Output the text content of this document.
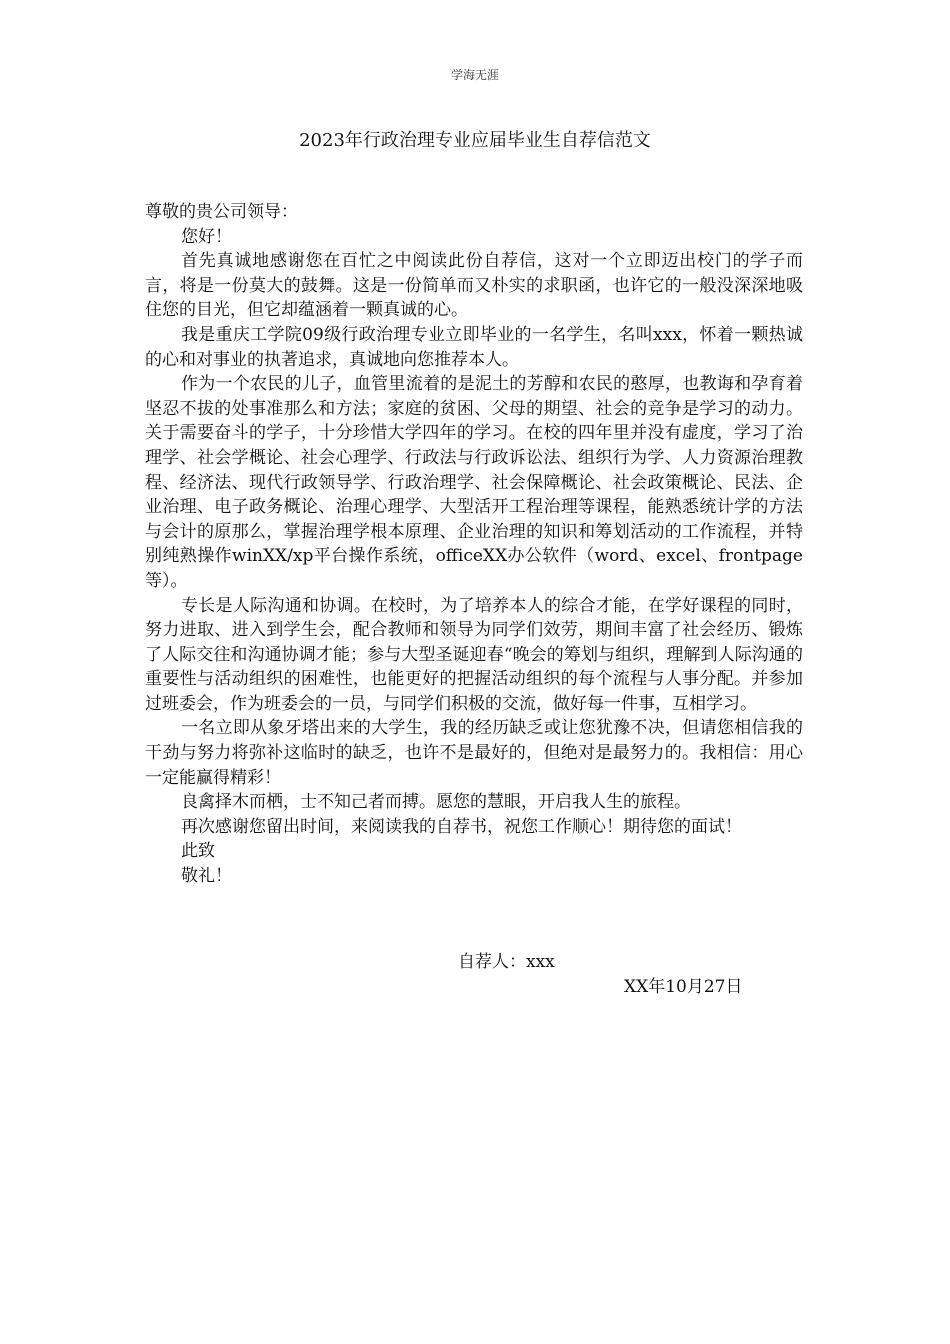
学海无涯
2023年行政治理专业应届毕业生自荐信范文

尊敬的贵公司领导：

您好！

首先真诚地感谢您在百忙之中阅读此份自荐信，这对一个立即迈出校门的学子而言，将是一份莫大的鼓舞。这是一份简单而又朴实的求职函，也许它的一般没深深地吸住您的目光，但它却蕴涵着一颗真诚的心。

我是重庆工学院09级行政治理专业立即毕业的一名学生，名叫xxx，怀着一颗热诚的心和对事业的执著追求，真诚地向您推荐本人。

作为一个农民的儿子，血管里流着的是泥土的芳醇和农民的憨厚，也教诲和孕育着坚忍不拔的处事准那么和方法；家庭的贫困、父母的期望、社会的竞争是学习的动力。关于需要奋斗的学子，十分珍惜大学四年的学习。在校的四年里并没有虚度，学习了治理学、社会学概论、社会心理学、行政法与行政诉讼法、组织行为学、人力资源治理教程、经济法、现代行政领导学、行政治理学、社会保障概论、社会政策概论、民法、企业治理、电子政务概论、治理心理学、大型活开工程治理等课程，能熟悉统计学的方法与会计的原那么，掌握治理学根本原理、企业治理的知识和筹划活动的工作流程，并特别纯熟操作winXX/xp平台操作系统，officeXX办公软件（word、excel、frontpage等）。

专长是人际沟通和协调。在校时，为了培养本人的综合才能，在学好课程的同时，努力进取、进入到学生会，配合教师和领导为同学们效劳，期间丰富了社会经历、锻炼了人际交往和沟通协调才能；参与大型圣诞迎春“晚会的筹划与组织，理解到人际沟通的重要性与活动组织的困难性，也能更好的把握活动组织的每个流程与人事分配。并参加过班委会，作为班委会的一员，与同学们积极的交流，做好每一件事，互相学习。

一名立即从象牙塔出来的大学生，我的经历缺乏或让您犹豫不决，但请您相信我的干劲与努力将弥补这临时的缺乏，也许不是最好的，但绝对是最努力的。我相信：用心一定能赢得精彩！

良禽择木而栖，士不知己者而搏。愿您的慧眼，开启我人生的旅程。

再次感谢您留出时间，来阅读我的自荐书，祝您工作顺心！期待您的面试！

此致

敬礼！

自荐人：xxx
XX年10月27日
